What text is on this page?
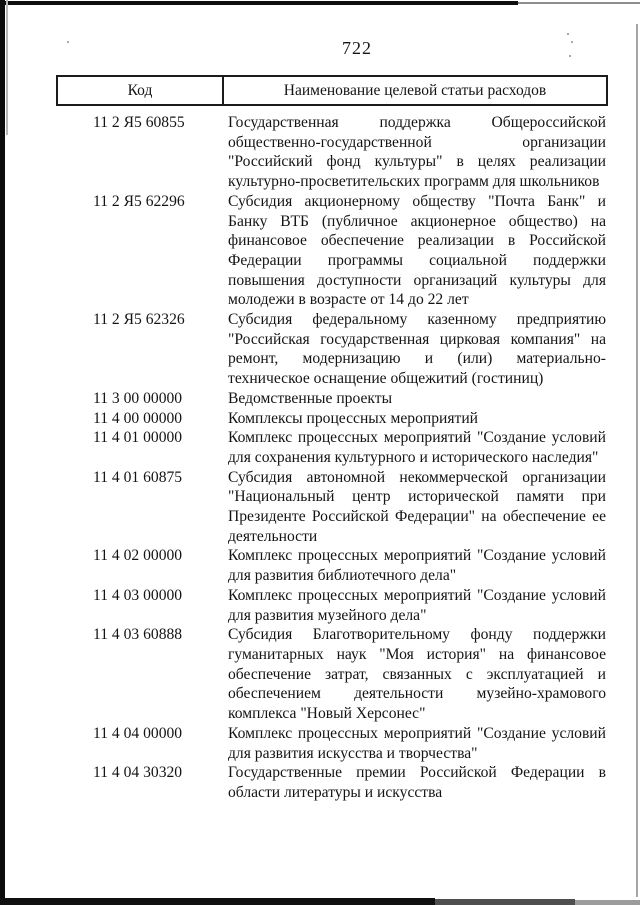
722
Код	Наименование целевой статьи расходов
11 2 Я5 60855	Государственная поддержка Общероссийской общественно-государственной организации "Российский фонд культуры" в целях реализации культурно-просветительских программ для школьников
11 2 Я5 62296	Субсидия акционерному обществу "Почта Банк" и Банку ВТБ (публичное акционерное общество) на финансовое обеспечение реализации в Российской Федерации программы социальной поддержки повышения доступности организаций культуры для молодежи в возрасте от 14 до 22 лет
11 2 Я5 62326	Субсидия федеральному казенному предприятию "Российская государственная цирковая компания" на ремонт, модернизацию и (или) материально-техническое оснащение общежитий (гостиниц)
11 3 00 00000	Ведомственные проекты
11 4 00 00000	Комплексы процессных мероприятий
11 4 01 00000	Комплекс процессных мероприятий "Создание условий для сохранения культурного и исторического наследия"
11 4 01 60875	Субсидия автономной некоммерческой организации "Национальный центр исторической памяти при Президенте Российской Федерации" на обеспечение ее деятельности
11 4 02 00000	Комплекс процессных мероприятий "Создание условий для развития библиотечного дела"
11 4 03 00000	Комплекс процессных мероприятий "Создание условий для развития музейного дела"
11 4 03 60888	Субсидия Благотворительному фонду поддержки гуманитарных наук "Моя история" на финансовое обеспечение затрат, связанных с эксплуатацией и обеспечением деятельности музейно-храмового комплекса "Новый Херсонес"
11 4 04 00000	Комплекс процессных мероприятий "Создание условий для развития искусства и творчества"
11 4 04 30320	Государственные премии Российской Федерации в области литературы и искусства
